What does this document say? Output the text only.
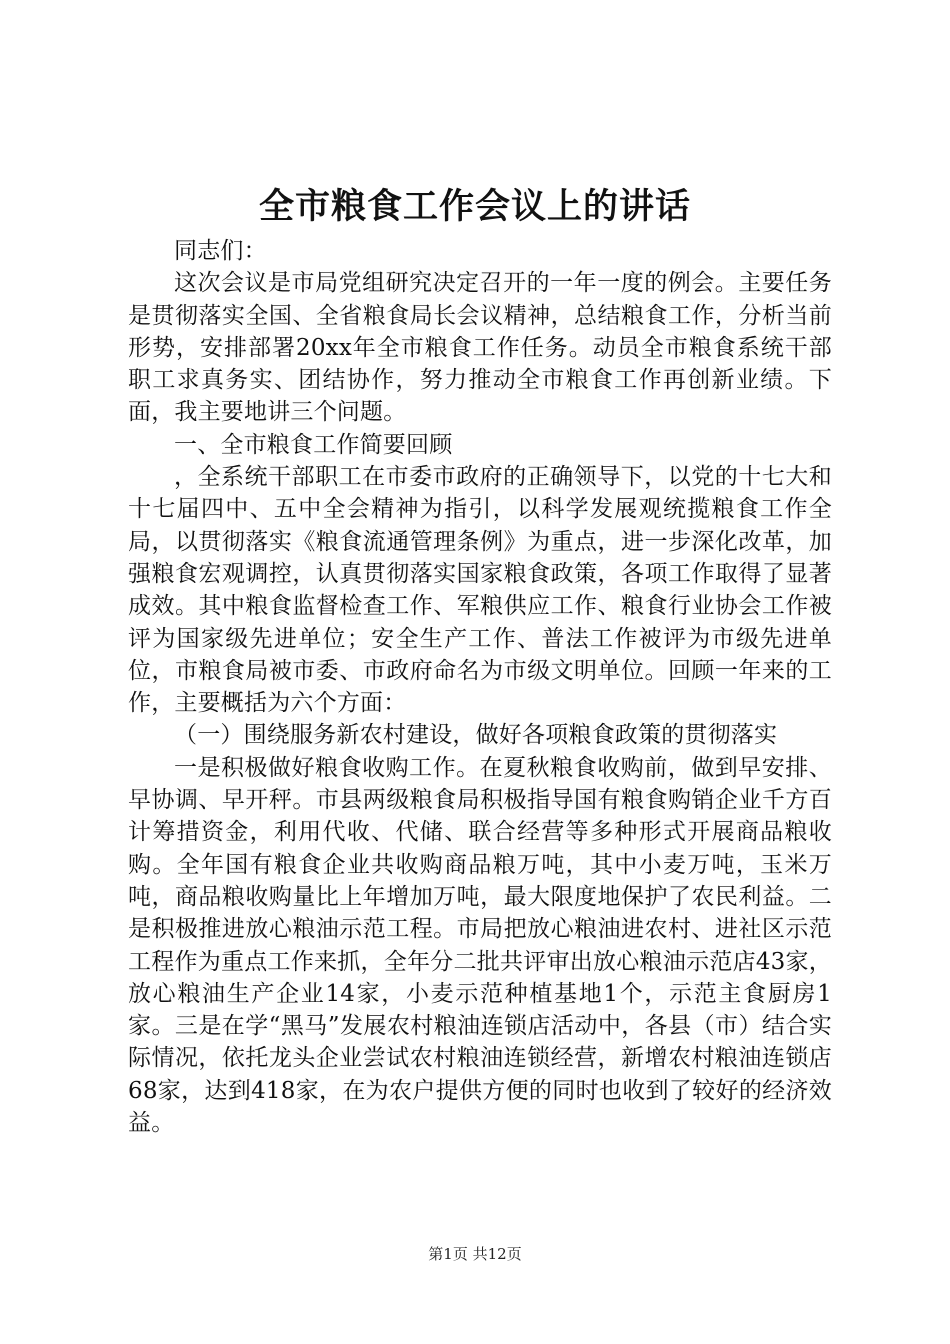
全市粮食工作会议上的讲话

同志们：

这次会议是市局党组研究决定召开的一年一度的例会。主要任务是贯彻落实全国、全省粮食局长会议精神，总结粮食工作，分析当前形势，安排部署20xx年全市粮食工作任务。动员全市粮食系统干部职工求真务实、团结协作，努力推动全市粮食工作再创新业绩。下面，我主要地讲三个问题。

一、全市粮食工作简要回顾

，全系统干部职工在市委市政府的正确领导下，以党的十七大和十七届四中、五中全会精神为指引，以科学发展观统揽粮食工作全局，以贯彻落实《粮食流通管理条例》为重点，进一步深化改革，加强粮食宏观调控，认真贯彻落实国家粮食政策，各项工作取得了显著成效。其中粮食监督检查工作、军粮供应工作、粮食行业协会工作被评为国家级先进单位；安全生产工作、普法工作被评为市级先进单位，市粮食局被市委、市政府命名为市级文明单位。回顾一年来的工作，主要概括为六个方面：

（一）围绕服务新农村建设，做好各项粮食政策的贯彻落实

一是积极做好粮食收购工作。在夏秋粮食收购前，做到早安排、早协调、早开秤。市县两级粮食局积极指导国有粮食购销企业千方百计筹措资金，利用代收、代储、联合经营等多种形式开展商品粮收购。全年国有粮食企业共收购商品粮万吨，其中小麦万吨，玉米万吨，商品粮收购量比上年增加万吨，最大限度地保护了农民利益。二是积极推进放心粮油示范工程。市局把放心粮油进农村、进社区示范工程作为重点工作来抓，全年分二批共评审出放心粮油示范店43家，放心粮油生产企业14家，小麦示范种植基地1个，示范主食厨房1家。三是在学“黑马”发展农村粮油连锁店活动中，各县（市）结合实际情况，依托龙头企业尝试农村粮油连锁经营，新增农村粮油连锁店68家，达到418家，在为农户提供方便的同时也收到了较好的经济效益。

第1页 共12页
